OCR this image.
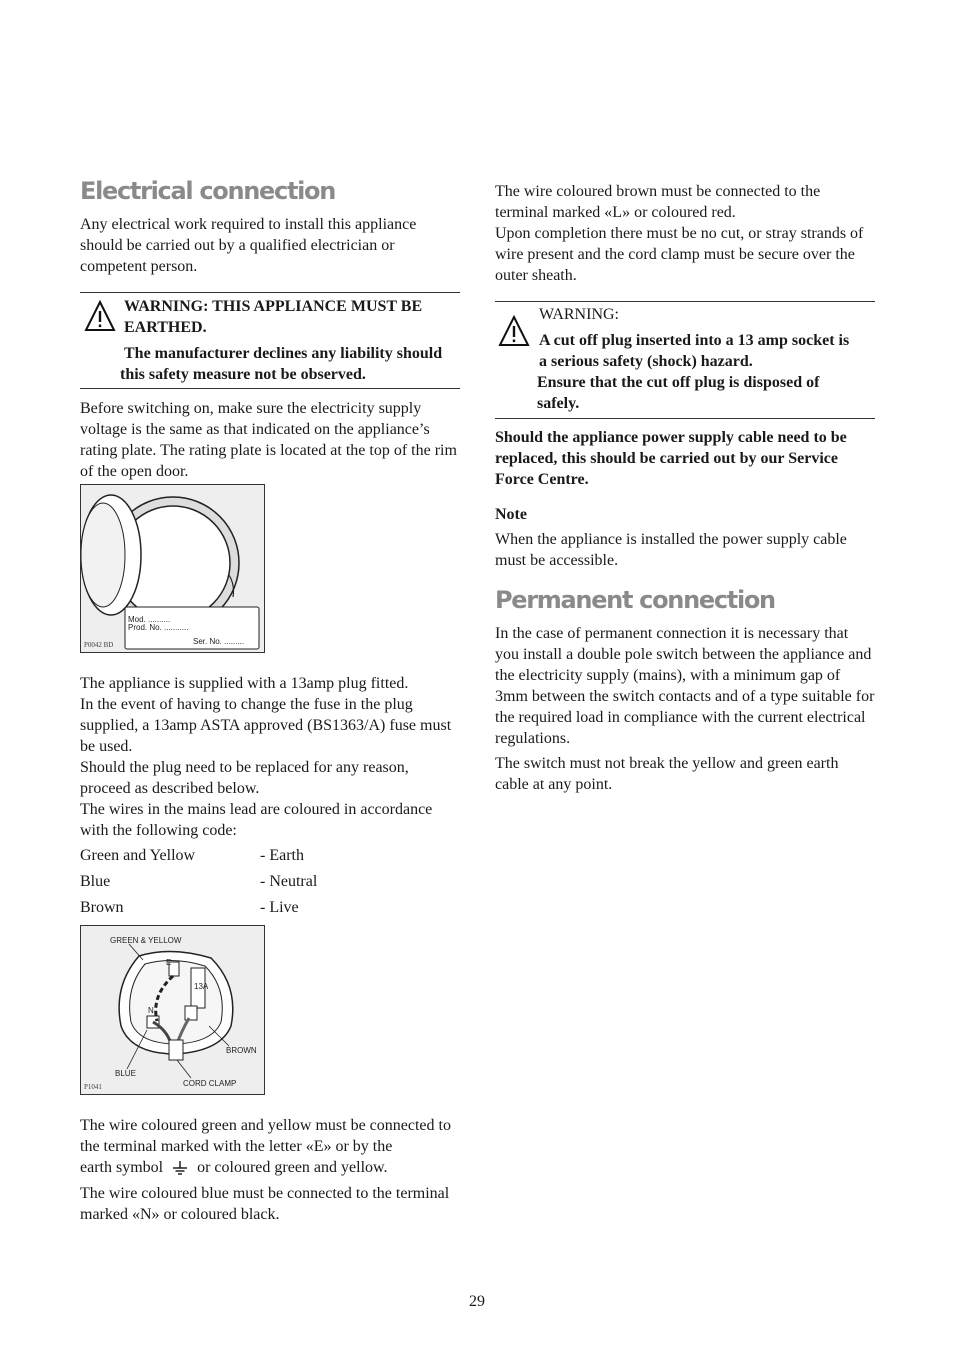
Electrical connection

Any electrical work required to install this appliance should be carried out by a qualified electrician or competent person.

WARNING: THIS APPLIANCE MUST BE

EARTHED.

The manufacturer declines any liability should

this safety measure not be observed.

Before switching on, make sure the electricity supply voltage is the same as that indicated on the appliance’s rating plate. The rating plate is located at the top of the rim of the open door.

Mod. ..........
Prod. No. ...........
Ser. No. .........
P0042 BD

The appliance is supplied with a 13amp plug fitted.

In the event of having to change the fuse in the plug supplied, a 13amp ASTA approved (BS1363/A) fuse must be used.

Should the plug need to be replaced for any reason, proceed as described below.

The wires in the mains lead are coloured in accordance with the following code:

Green and Yellow	- Earth
Blue	- Neutral
Brown	- Live
GREEN & YELLOW
E
N
13A
BROWN
BLUE
CORD CLAMP
P1041

The wire coloured green and yellow must be connected to the terminal marked with the letter «E» or by the

earth symbol or coloured green and yellow.

The wire coloured blue must be connected to the terminal marked «N» or coloured black.

The wire coloured brown must be connected to the terminal marked «L» or coloured red.

Upon completion there must be no cut, or stray strands of wire present and the cord clamp must be secure over the outer sheath.

WARNING:

A cut off plug inserted into a 13 amp socket is

a serious safety (shock) hazard.

Ensure that the cut off plug is disposed of

safely.

Should the appliance power supply cable need to be replaced, this should be carried out by our Service Force Centre.

Note

When the appliance is installed the power supply cable must be accessible.

Permanent connection

In the case of permanent connection it is necessary that you install a double pole switch between the appliance and the electricity supply (mains), with a minimum gap of 3mm between the switch contacts and of a type suitable for the required load in compliance with the current electrical regulations.

The switch must not break the yellow and green earth cable at any point.

29
